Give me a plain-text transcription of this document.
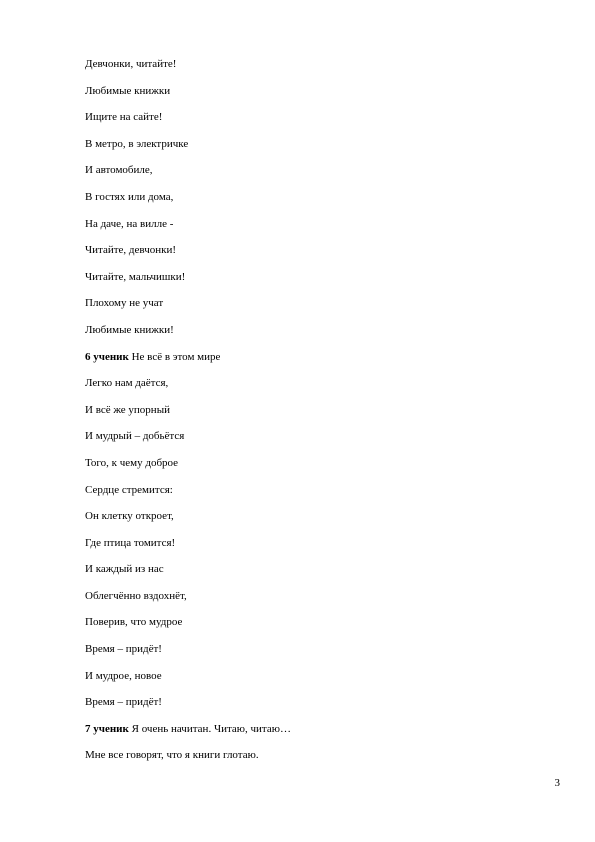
Девчонки, читайте!
Любимые книжки
Ищите на сайте!
В метро, в электричке
И автомобиле,
В гостях или дома,
На даче, на вилле -
Читайте, девчонки!
Читайте, мальчишки!
Плохому не учат
Любимые книжки!
6 ученик Не всё в этом мире
Легко нам даётся,
И всё же упорный
И мудрый – добьётся
Того, к чему доброе
Сердце стремится:
Он клетку откроет,
Где птица томится!
И каждый из нас
Облегчённо вздохнёт,
Поверив, что мудрое
Время – придёт!
И мудрое, новое
Время – придёт!
7 ученик Я очень начитан. Читаю, читаю…
Мне все говорят, что я книги глотаю.
3
